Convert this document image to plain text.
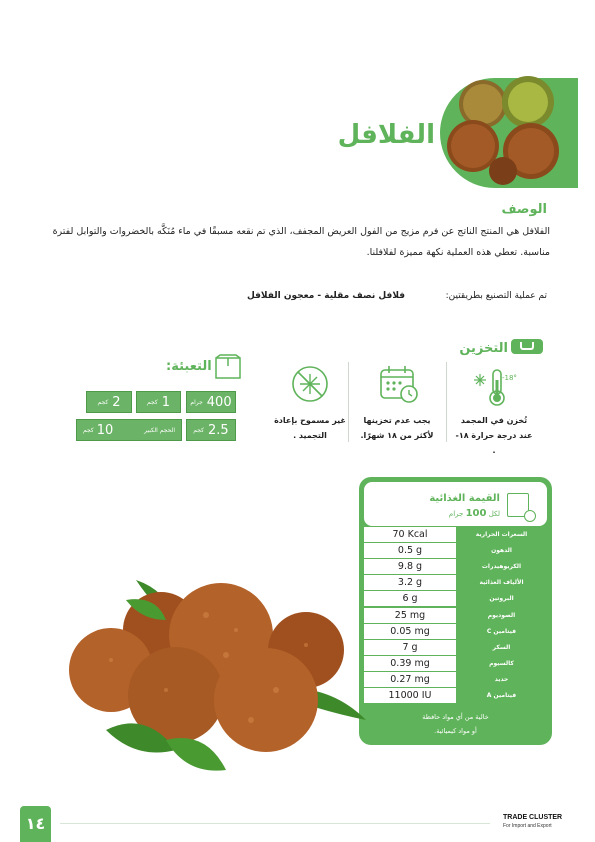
الفلافل
الوصف
الفلافل هي المنتج الناتج عن فرم مزيج من الفول العريض المجفف، الذي تم نقعه مسبقًا في ماء مُنَكَّه بالخضروات والتوابل لفترة مناسبة. تعطي هذه العملية نكهة مميزة لفلافلنا.
تم عملية التصنيع بطريقتين:
فلافل نصف مقلية - معجون الفلافل
التخزين
-18°
تُخزن في المجمد عند درجة حرارة ١٨- .
يجب عدم تخزينها لأكثر من ١٨ شهرًا.
غير مسموح بإعادة التجميد .
التعبئة:
جرام 400
كجم 1
كجم 2
كجم 2.5
كجم 10	الحجم الكبير
القيمة الغذائية
لكل 100 جرام
70 Kcal	السعرات الحرارية
0.5 g	الدهون
9.8 g	الكربوهيدرات
3.2 g	الألياف الغذائية
6 g	البروتين
25 mg	الصوديوم
0.05 mg	فيتامين C
7 g	السكر
0.39 mg	كالسيوم
0.27 mg	حديد
11000 IU	فيتامين A
خالية من أي مواد حافظة
أو مواد كيميائية.
١٤	TRADE CLUSTER
For Import and Export
